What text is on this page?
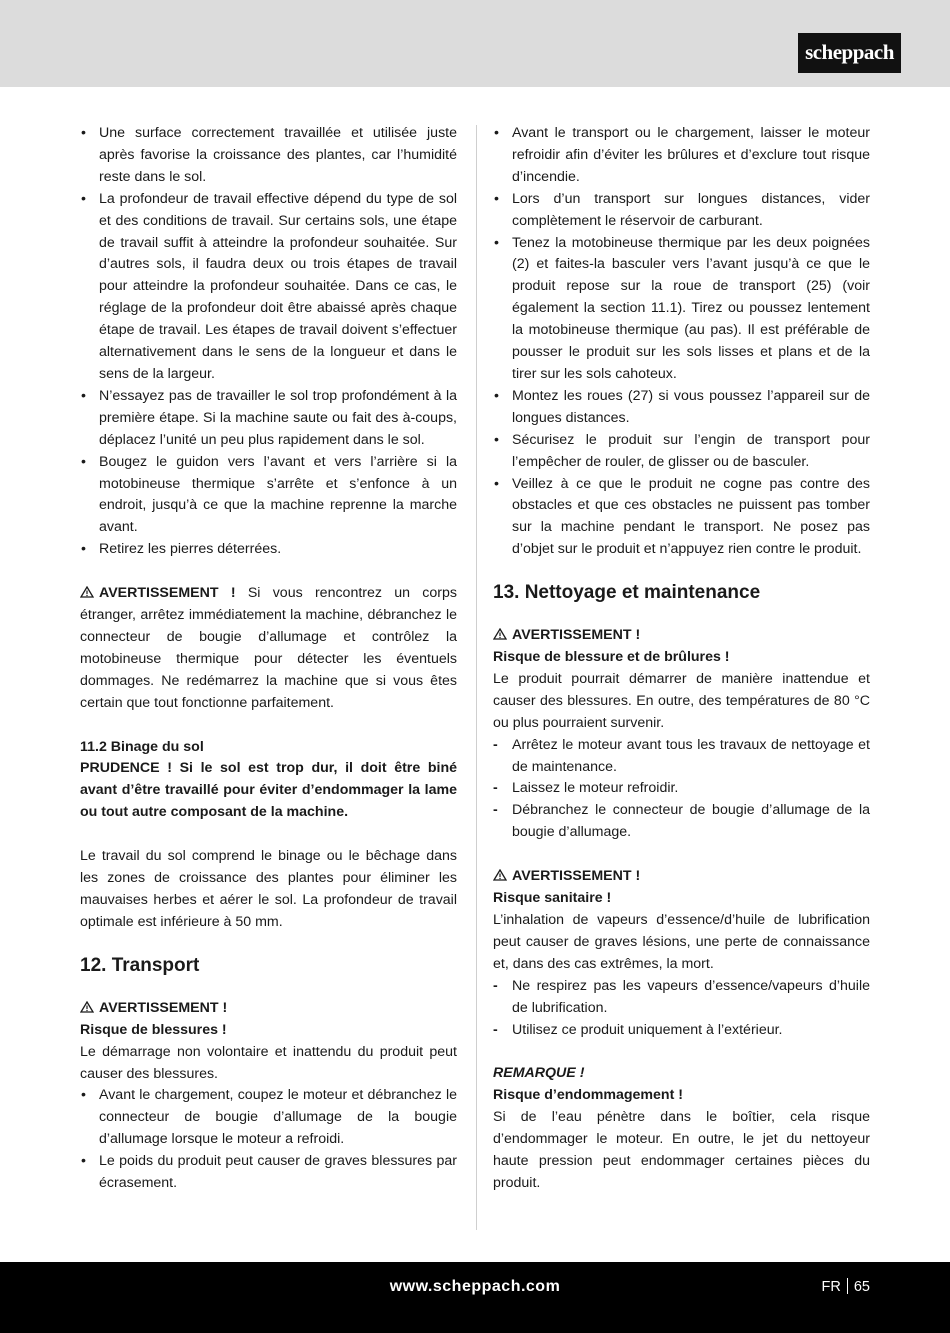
scheppach
• Une surface correctement travaillée et utilisée juste après favorise la croissance des plantes, car l’humidité reste dans le sol.
• La profondeur de travail effective dépend du type de sol et des conditions de travail. Sur certains sols, une étape de travail suffit à atteindre la profondeur souhaitée. Sur d’autres sols, il faudra deux ou trois étapes de travail pour atteindre la profondeur souhaitée. Dans ce cas, le réglage de la profondeur doit être abaissé après chaque étape de travail. Les étapes de travail doivent s’effectuer alternativement dans le sens de la longueur et dans le sens de la largeur.
• N’essayez pas de travailler le sol trop profondément à la première étape. Si la machine saute ou fait des à-coups, déplacez l’unité un peu plus rapidement dans le sol.
• Bougez le guidon vers l’avant et vers l’arrière si la motobineuse thermique s’arrête et s’enfonce à un endroit, jusqu’à ce que la machine reprenne la marche avant.
• Retirez les pierres déterrées.

AVERTISSEMENT ! Si vous rencontrez un corps étranger, arrêtez immédiatement la machine, débranchez le connecteur de bougie d’allumage et contrôlez la motobineuse thermique pour détecter les éventuels dommages. Ne redémarrez la machine que si vous êtes certain que tout fonctionne parfaitement.

11.2 Binage du sol

PRUDENCE ! Si le sol est trop dur, il doit être biné avant d’être travaillé pour éviter d’endommager la lame ou tout autre composant de la machine.

Le travail du sol comprend le binage ou le bêchage dans les zones de croissance des plantes pour éliminer les mauvaises herbes et aérer le sol. La profondeur de travail optimale est inférieure à 50 mm.

12. Transport
AVERTISSEMENT !
Risque de blessures !

Le démarrage non volontaire et inattendu du produit peut causer des blessures.

• Avant le chargement, coupez le moteur et débranchez le connecteur de bougie d’allumage de la bougie d’allumage lorsque le moteur a refroidi.
• Le poids du produit peut causer de graves blessures par écrasement.
• Avant le transport ou le chargement, laisser le moteur refroidir afin d’éviter les brûlures et d’exclure tout risque d’incendie.
• Lors d’un transport sur longues distances, vider complètement le réservoir de carburant.
• Tenez la motobineuse thermique par les deux poignées (2) et faites-la basculer vers l’avant jusqu’à ce que le produit repose sur la roue de transport (25) (voir également la section 11.1). Tirez ou poussez lentement la motobineuse thermique (au pas). Il est préférable de pousser le produit sur les sols lisses et plans et de la tirer sur les sols cahoteux.
• Montez les roues (27) si vous poussez l’appareil sur de longues distances.
• Sécurisez le produit sur l’engin de transport pour l’empêcher de rouler, de glisser ou de basculer.
• Veillez à ce que le produit ne cogne pas contre des obstacles et que ces obstacles ne puissent pas tomber sur la machine pendant le transport. Ne posez pas d’objet sur le produit et n’appuyez rien contre le produit.
13. Nettoyage et maintenance
AVERTISSEMENT !
Risque de blessure et de brûlures !

Le produit pourrait démarrer de manière inattendue et causer des blessures. En outre, des températures de 80 °C ou plus pourraient survenir.

- Arrêtez le moteur avant tous les travaux de nettoyage et de maintenance.
- Laissez le moteur refroidir.
- Débranchez le connecteur de bougie d’allumage de la bougie d’allumage.
AVERTISSEMENT !
Risque sanitaire !

L’inhalation de vapeurs d’essence/d’huile de lubrification peut causer de graves lésions, une perte de connaissance et, dans des cas extrêmes, la mort.

- Ne respirez pas les vapeurs d’essence/vapeurs d’huile de lubrification.
- Utilisez ce produit uniquement à l’extérieur.
REMARQUE !
Risque d’endommagement !

Si de l’eau pénètre dans le boîtier, cela risque d’endommager le moteur. En outre, le jet du nettoyeur haute pression peut endommager certaines pièces du produit.

www.scheppach.com	FR 65
